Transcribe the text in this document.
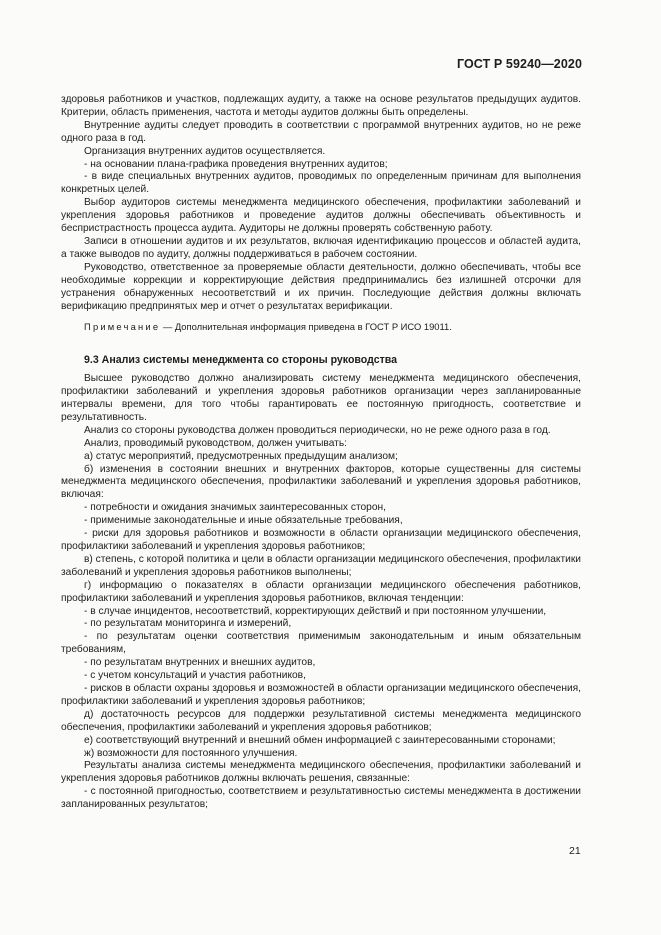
ГОСТ Р 59240—2020

здоровья работников и участков, подлежащих аудиту, а также на основе результатов предыдущих аудитов. Критерии, область применения, частота и методы аудитов должны быть определены.

Внутренние аудиты следует проводить в соответствии с программой внутренних аудитов, но не реже одного раза в год.

Организация внутренних аудитов осуществляется.

- на основании плана-графика проведения внутренних аудитов;

- в виде специальных внутренних аудитов, проводимых по определенным причинам для выполнения конкретных целей.

Выбор аудиторов системы менеджмента медицинского обеспечения, профилактики заболеваний и укрепления здоровья работников и проведение аудитов должны обеспечивать объективность и беспристрастность процесса аудита. Аудиторы не должны проверять собственную работу.

Записи в отношении аудитов и их результатов, включая идентификацию процессов и областей аудита, а также выводов по аудиту, должны поддерживаться в рабочем состоянии.

Руководство, ответственное за проверяемые области деятельности, должно обеспечивать, чтобы все необходимые коррекции и корректирующие действия предпринимались без излишней отсрочки для устранения обнаруженных несоответствий и их причин. Последующие действия должны включать верификацию предпринятых мер и отчет о результатах верификации.

Примечание — Дополнительная информация приведена в ГОСТ Р ИСО 19011.

9.3 Анализ системы менеджмента со стороны руководства

Высшее руководство должно анализировать систему менеджмента медицинского обеспечения, профилактики заболеваний и укрепления здоровья работников организации через запланированные интервалы времени, для того чтобы гарантировать ее постоянную пригодность, соответствие и результативность.

Анализ со стороны руководства должен проводиться периодически, но не реже одного раза в год.

Анализ, проводимый руководством, должен учитывать:

а) статус мероприятий, предусмотренных предыдущим анализом;

б) изменения в состоянии внешних и внутренних факторов, которые существенны для системы менеджмента медицинского обеспечения, профилактики заболеваний и укрепления здоровья работников, включая:

- потребности и ожидания значимых заинтересованных сторон,

- применимые законодательные и иные обязательные требования,

- риски для здоровья работников и возможности в области организации медицинского обеспечения, профилактики заболеваний и укрепления здоровья работников;

в) степень, с которой политика и цели в области организации медицинского обеспечения, профилактики заболеваний и укрепления здоровья работников выполнены;

г) информацию о показателях в области организации медицинского обеспечения работников, профилактики заболеваний и укрепления здоровья работников, включая тенденции:

- в случае инцидентов, несоответствий, корректирующих действий и при постоянном улучшении,

- по результатам мониторинга и измерений,

- по результатам оценки соответствия применимым законодательным и иным обязательным требованиям,

- по результатам внутренних и внешних аудитов,

- с учетом консультаций и участия работников,

- рисков в области охраны здоровья и возможностей в области организации медицинского обеспечения, профилактики заболеваний и укрепления здоровья работников;

д) достаточность ресурсов для поддержки результативной системы менеджмента медицинского обеспечения, профилактики заболеваний и укрепления здоровья работников;

е) соответствующий внутренний и внешний обмен информацией с заинтересованными сторонами;

ж) возможности для постоянного улучшения.

Результаты анализа системы менеджмента медицинского обеспечения, профилактики заболеваний и укрепления здоровья работников должны включать решения, связанные:

- с постоянной пригодностью, соответствием и результативностью системы менеджмента в достижении запланированных результатов;

21
